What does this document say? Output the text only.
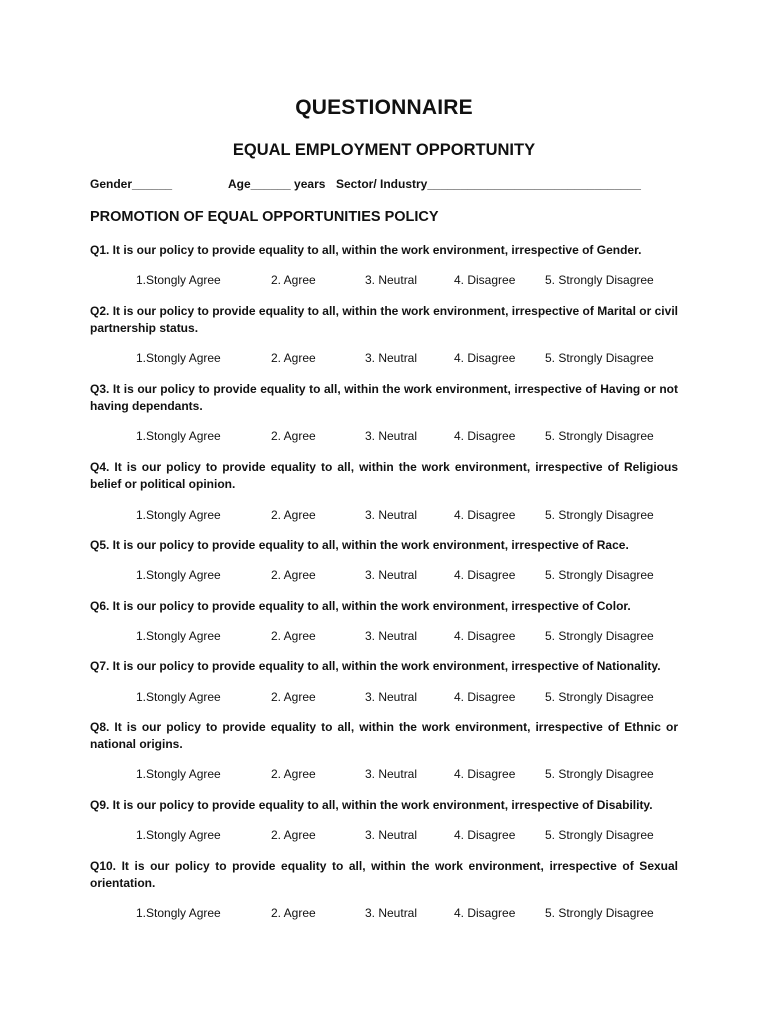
QUESTIONNAIRE
EQUAL EMPLOYMENT OPPORTUNITY
Gender______	Age______ years Sector/ Industry________________________________
PROMOTION OF EQUAL OPPORTUNITIES POLICY
Q1. It is our policy to provide equality to all, within the work environment, irrespective of Gender.
1.Stongly Agree	2. Agree	3. Neutral	4. Disagree 5. Strongly Disagree
Q2. It is our policy to provide equality to all, within the work environment, irrespective of Marital or civil partnership status.
1.Stongly Agree	2. Agree	3. Neutral	4. Disagree 5. Strongly Disagree
Q3. It is our policy to provide equality to all, within the work environment, irrespective of Having or not having dependants.
1.Stongly Agree	2. Agree	3. Neutral	4. Disagree 5. Strongly Disagree
Q4. It is our policy to provide equality to all, within the work environment, irrespective of Religious belief or political opinion.
1.Stongly Agree	2. Agree	3. Neutral	4. Disagree 5. Strongly Disagree
Q5. It is our policy to provide equality to all, within the work environment, irrespective of Race.
1.Stongly Agree	2. Agree	3. Neutral	4. Disagree 5. Strongly Disagree
Q6. It is our policy to provide equality to all, within the work environment, irrespective of Color.
1.Stongly Agree	2. Agree	3. Neutral	4. Disagree 5. Strongly Disagree
Q7. It is our policy to provide equality to all, within the work environment, irrespective of Nationality.
1.Stongly Agree	2. Agree	3. Neutral	4. Disagree 5. Strongly Disagree
Q8. It is our policy to provide equality to all, within the work environment, irrespective of Ethnic or national origins.
1.Stongly Agree	2. Agree	3. Neutral	4. Disagree 5. Strongly Disagree
Q9. It is our policy to provide equality to all, within the work environment, irrespective of Disability.
1.Stongly Agree	2. Agree	3. Neutral	4. Disagree 5. Strongly Disagree
Q10. It is our policy to provide equality to all, within the work environment, irrespective of Sexual orientation.
1.Stongly Agree	2. Agree	3. Neutral	4. Disagree 5. Strongly Disagree
